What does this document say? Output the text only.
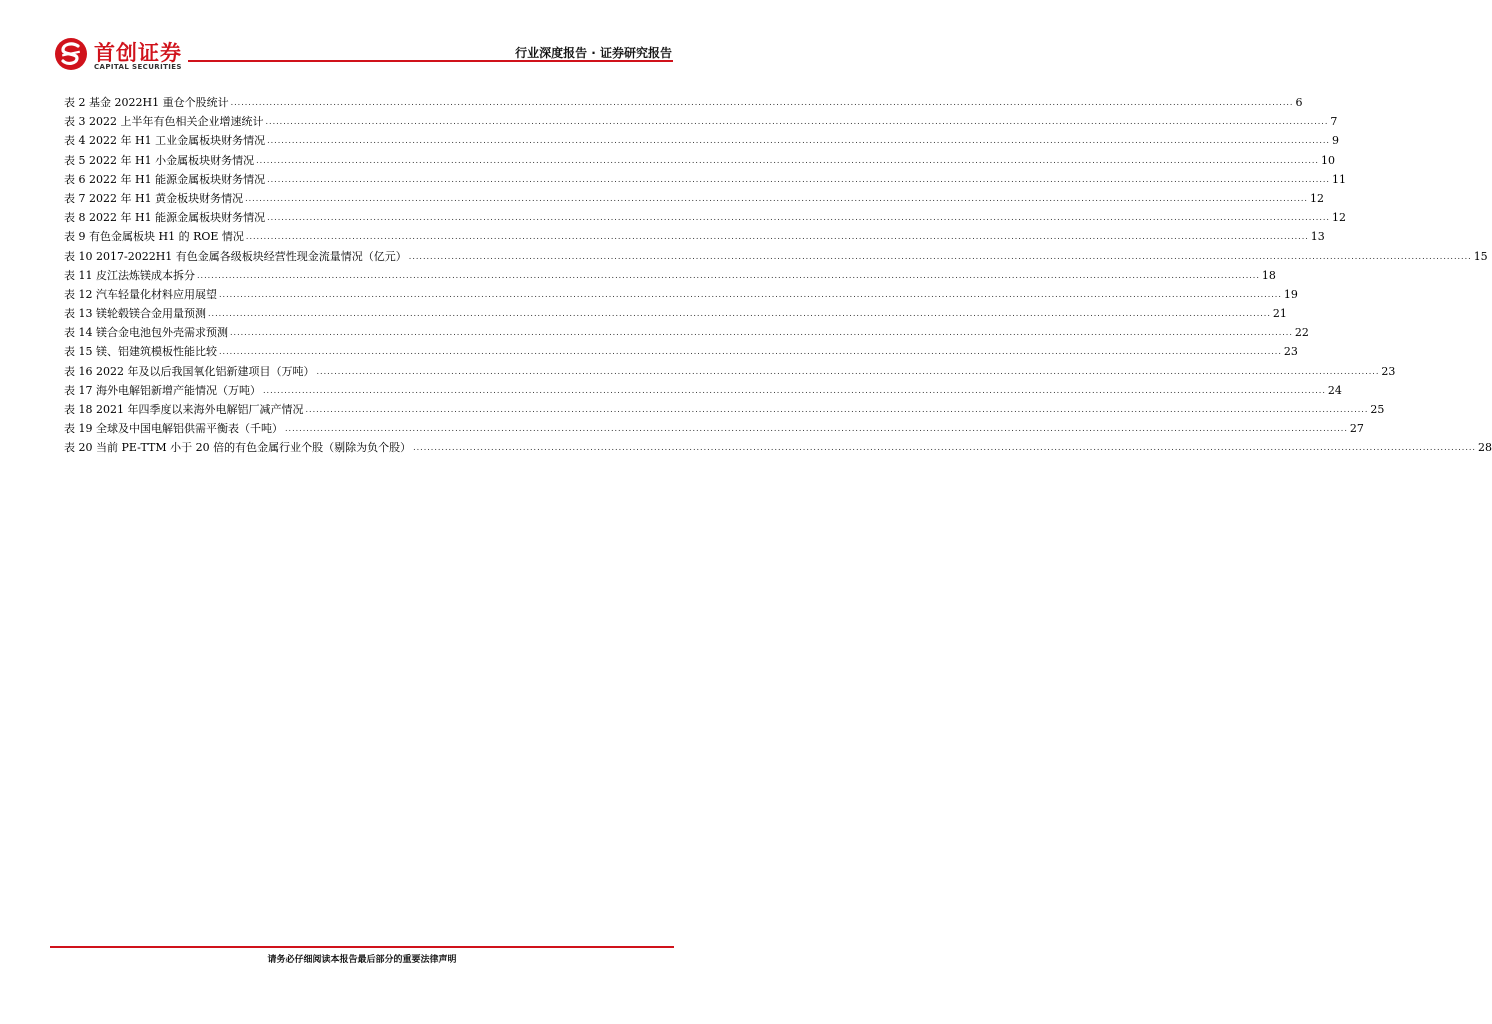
首创证券
CAPITAL SECURITIES
行业深度报告 · 证券研究报告
表 2 基金 2022H1 重仓个股统计 ............................................................................................................................................................................................................................................................................................................ 6
表 3 2022 上半年有色相关企业增速统计 ............................................................................................................................................................................................................................................................................................................ 7
表 4 2022 年 H1 工业金属板块财务情况 ............................................................................................................................................................................................................................................................................................................ 9
表 5 2022 年 H1 小金属板块财务情况 ............................................................................................................................................................................................................................................................................................................ 10
表 6 2022 年 H1 能源金属板块财务情况 ............................................................................................................................................................................................................................................................................................................ 11
表 7 2022 年 H1 黄金板块财务情况 ............................................................................................................................................................................................................................................................................................................ 12
表 8 2022 年 H1 能源金属板块财务情况 ............................................................................................................................................................................................................................................................................................................ 12
表 9 有色金属板块 H1 的 ROE 情况 ............................................................................................................................................................................................................................................................................................................ 13
表 10 2017-2022H1 有色金属各级板块经营性现金流量情况（亿元） ............................................................................................................................................................................................................................................................................................................ 15
表 11 皮江法炼镁成本拆分 ............................................................................................................................................................................................................................................................................................................ 18
表 12 汽车轻量化材料应用展望 ............................................................................................................................................................................................................................................................................................................ 19
表 13 镁轮毂镁合金用量预测 ............................................................................................................................................................................................................................................................................................................ 21
表 14 镁合金电池包外壳需求预测 ............................................................................................................................................................................................................................................................................................................ 22
表 15 镁、铝建筑模板性能比较 ............................................................................................................................................................................................................................................................................................................ 23
表 16 2022 年及以后我国氧化铝新建项目（万吨） ............................................................................................................................................................................................................................................................................................................ 23
表 17 海外电解铝新增产能情况（万吨） ............................................................................................................................................................................................................................................................................................................ 24
表 18 2021 年四季度以来海外电解铝厂减产情况 ............................................................................................................................................................................................................................................................................................................ 25
表 19 全球及中国电解铝供需平衡表（千吨） ............................................................................................................................................................................................................................................................................................................ 27
表 20 当前 PE-TTM 小于 20 倍的有色金属行业个股（剔除为负个股） ............................................................................................................................................................................................................................................................................................................ 28
请务必仔细阅读本报告最后部分的重要法律声明
